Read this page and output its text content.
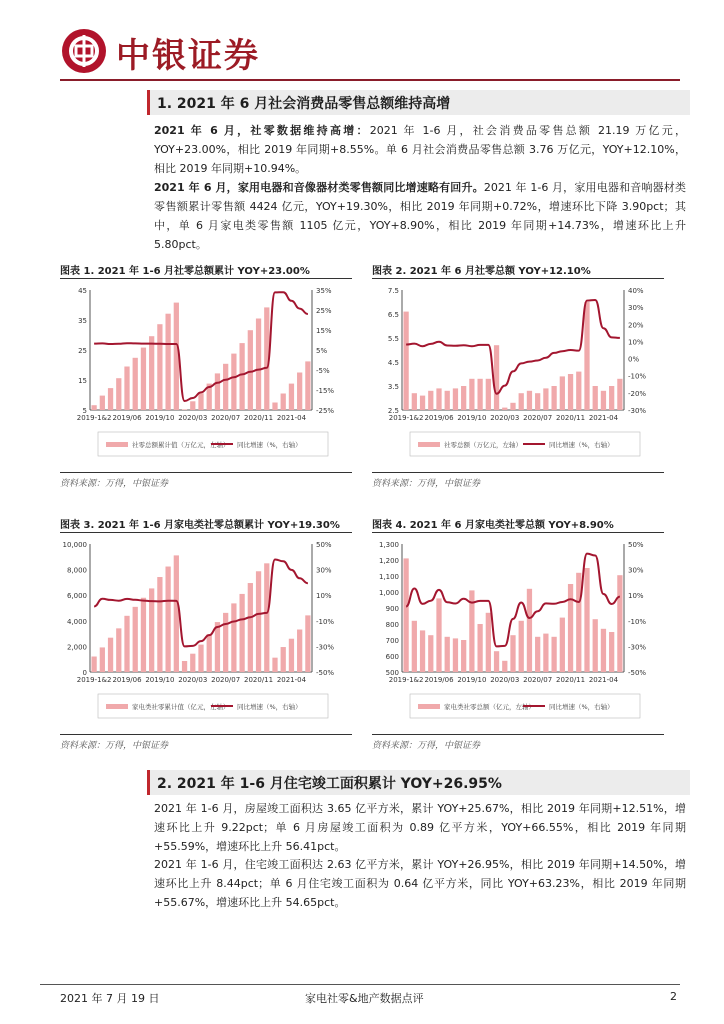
中银证券
1. 2021 年 6 月社会消费品零售总额维持高增
2021 年 6 月，社零数据维持高增：2021 年 1-6 月，社会消费品零售总额 21.19 万亿元，YOY+23.00%，相比 2019 年同期+8.55%。单 6 月社会消费品零售总额 3.76 万亿元，YOY+12.10%，相比 2019 年同期+10.94%。
2021 年 6 月，家用电器和音像器材类零售额同比增速略有回升。2021 年 1-6 月，家用电器和音响器材类零售额累计零售额 4424 亿元，YOY+19.30%，相比 2019 年同期+0.72%，增速环比下降 3.90pct；其中，单 6 月家电类零售额 1105 亿元，YOY+8.90%，相比 2019 年同期+14.73%，增速环比上升 5.80pct。
图表 1. 2021 年 1-6 月社零总额累计 YOY+23.00%	图表 2. 2021 年 6 月社零总额 YOY+12.10%
5
15
25
35
45
-25%
-15%
-5%
5%
15%
25%
35%
2019-1&2 2019/06 2019/10 2020/03 2020/07 2020/11 2021-04
社零总额累计值（万亿元，左轴） 同比增速（%，右轴）
2.5
3.5
4.5
5.5
6.5
7.5
-30%
-20%
-10%
0%
10%
20%
30%
40%
2019-1&2 2019/06 2019/10 2020/03 2020/07 2020/11 2021-04
社零总额（万亿元，左轴）	同比增速（%，右轴）
资料来源：万得，中银证券	资料来源：万得，中银证券
图表 3. 2021 年 1-6 月家电类社零总额累计 YOY+19.30%	图表 4. 2021 年 6 月家电类社零总额 YOY+8.90%
0
2,000
4,000
6,000
8,000
10,000
-50%
-30%
-10%
10%
30%
50%
2019-1&2 2019/06 2019/10 2020/03 2020/07 2020/11 2021-04
家电类社零累计值（亿元，左轴） 同比增速（%，右轴）
500
600
700
800
900
1,000
1,100
1,200
1,300
-50%
-30%
-10%
10%
30%
50%
2019-1&2 2019/06 2019/10 2020/03 2020/07 2020/11 2021-04
家电类社零总额（亿元，左轴） 同比增速（%，右轴）
资料来源：万得，中银证券	资料来源：万得，中银证券
2. 2021 年 1-6 月住宅竣工面积累计 YOY+26.95%
2021 年 1-6 月，房屋竣工面积达 3.65 亿平方米，累计 YOY+25.67%，相比 2019 年同期+12.51%，增速环比上升 9.22pct；单 6 月房屋竣工面积为 0.89 亿平方米，YOY+66.55%，相比 2019 年同期+55.59%，增速环比上升 56.41pct。
2021 年 1-6 月，住宅竣工面积达 2.63 亿平方米，累计 YOY+26.95%，相比 2019 年同期+14.50%，增速环比上升 8.44pct；单 6 月住宅竣工面积为 0.64 亿平方米，同比 YOY+63.23%，相比 2019 年同期+55.67%，增速环比上升 54.65pct。
2021 年 7 月 19 日	家电社零&地产数据点评	2
